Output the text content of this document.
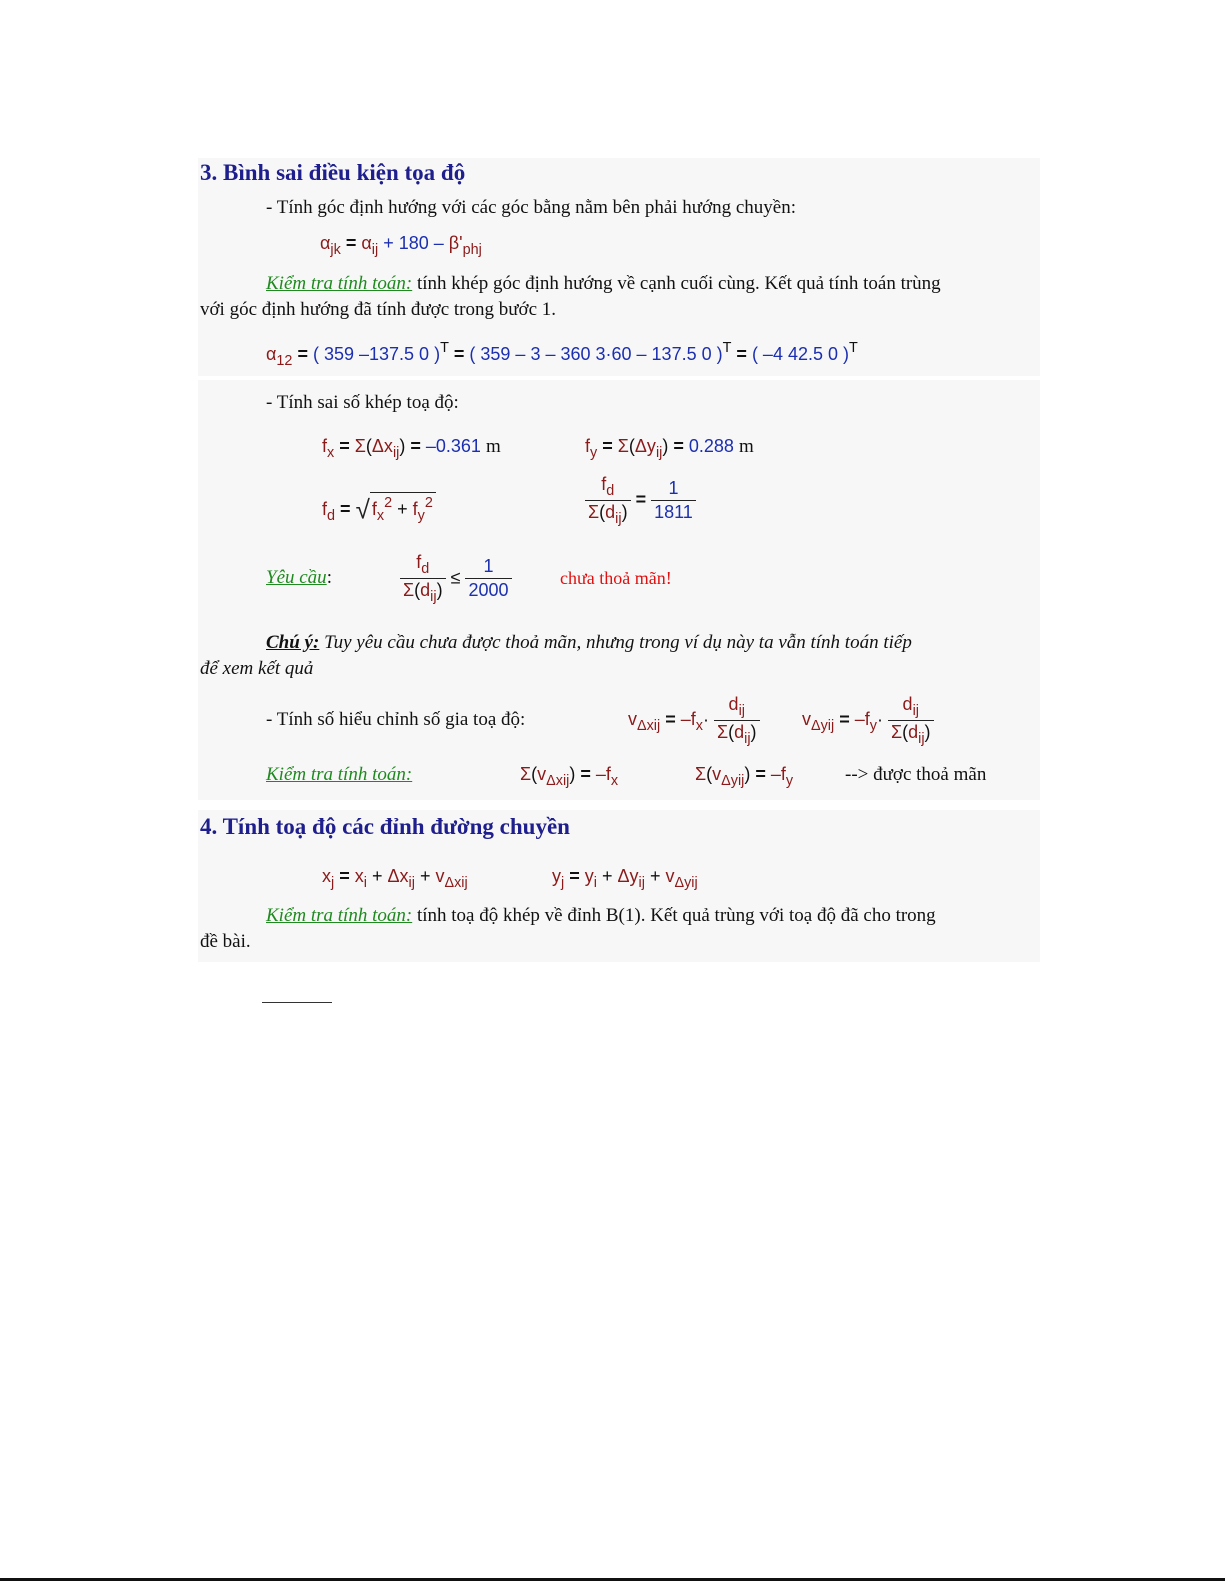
3. Bình sai điều kiện tọa độ
- Tính góc định hướng với các góc bằng nằm bên phải hướng chuyền:
$\alpha_{jk} = \alpha_{ij} + 180 - \beta'_{phj}$
Kiểm tra tính toán: tính khép góc định hướng về cạnh cuối cùng. Kết quả tính toán trùng
với góc định hướng đã tính được trong bước 1.
$\alpha_{12}$ = ( 359 –137.5 0 )$^T$ = ( 359 – 3 – 360 3·60 – 137.5 0 )$^T$ = ( –4 42.5 0 )$^T$
- Tính sai số khép toạ độ:
$f_x = \Sigma(\Delta x_{ij}) = -0.361$ m	$f_y = \Sigma(\Delta y_{ij}) = 0.288$ m
$f_d$ = √ $f_x^2 + f_y^2$	$\frac{f_d}{\Sigma(d_{ij})} = \frac{1}{1811}$
Yêu cầu:	$\frac{f_d}{\Sigma(d_{ij})} \le \frac{1}{2000}$	chưa thoả mãn!
Chú ý: Tuy yêu cầu chưa được thoả mãn, nhưng trong ví dụ này ta vẫn tính toán tiếp
để xem kết quả
- Tính số hiểu chỉnh số gia toạ độ:	$v_{\Delta xij} = -f_x\cdot \frac{d_{ij}}{\Sigma(d_{ij})} v_{\Delta yij} = -f_y\cdot \frac{d_{ij}}{\Sigma(d_{ij})}$
Kiểm tra tính toán:	$\Sigma(v_{\Delta xij}) = -f_x$	$\Sigma(v_{\Delta yij}) = -f_y$	--> được thoả mãn
4. Tính toạ độ các đỉnh đường chuyền
$x_j = x_i + \Delta x_{ij} + v_{\Delta xij}$	$y_j = y_i + \Delta y_{ij} + v_{\Delta yij}$
Kiểm tra tính toán: tính toạ độ khép về đỉnh B(1). Kết quả trùng với toạ độ đã cho trong
đề bài.
